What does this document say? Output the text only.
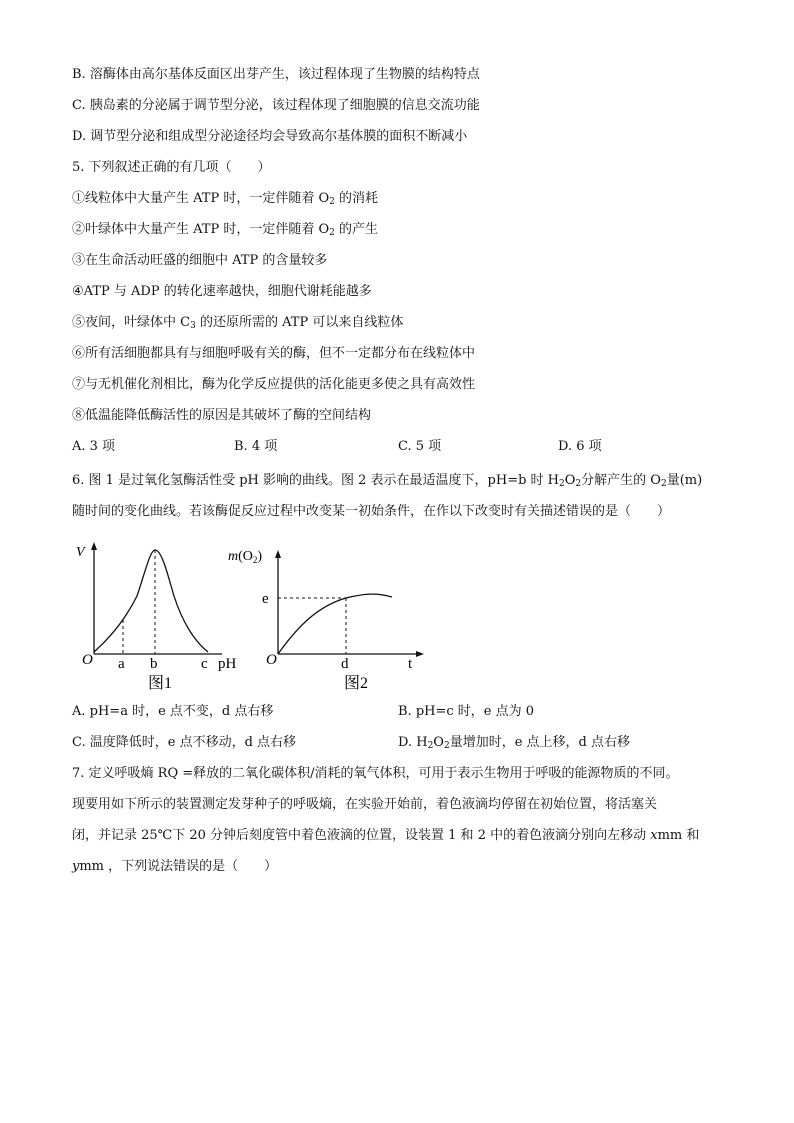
B. 溶酶体由高尔基体反面区出芽产生，该过程体现了生物膜的结构特点
C. 胰岛素的分泌属于调节型分泌，该过程体现了细胞膜的信息交流功能
D. 调节型分泌和组成型分泌途径均会导致高尔基体膜的面积不断减小
5. 下列叙述正确的有几项（　　）
①线粒体中大量产生 ATP 时，一定伴随着 $O_2$ 的消耗
②叶绿体中大量产生 ATP 时，一定伴随着 $O_2$ 的产生
③在生命活动旺盛的细胞中 ATP 的含量较多
④ATP 与 ADP 的转化速率越快，细胞代谢耗能越多
⑤夜间，叶绿体中 $C_3$ 的还原所需的 ATP 可以来自线粒体
⑥所有活细胞都具有与细胞呼吸有关的酶，但不一定都分布在线粒体中
⑦与无机催化剂相比，酶为化学反应提供的活化能更多使之具有高效性
⑧低温能降低酶活性的原因是其破坏了酶的空间结构
A. 3 项	B. 4 项	C. 5 项	D. 6 项
6. 图 1 是过氧化氢酶活性受 pH 影响的曲线。图 2 表示在最适温度下，pH=b 时 $H_2O_2$分解产生的 $O_2$量(m)
随时间的变化曲线。若该酶促反应过程中改变某一初始条件，在作以下改变时有关描述错误的是（　　）
V
O a b	c pH
图1
$m(O_2)$
e
O	d	t
图2
A. pH=a 时，e 点不变，d 点右移	B. pH=c 时，e 点为 0
C. 温度降低时，e 点不移动，d 点右移	D. $H_2O_2$量增加时，e 点上移，d 点右移
7. 定义呼吸熵 RQ =释放的二氧化碳体积/消耗的氧气体积，可用于表示生物用于呼吸的能源物质的不同。
现要用如下所示的装置测定发芽种子的呼吸熵，在实验开始前，着色液滴均停留在初始位置，将活塞关
闭，并记录 25℃下 20 分钟后刻度管中着色液滴的位置，设装置 1 和 2 中的着色液滴分别向左移动 xmm 和
ymm ，下列说法错误的是（　　）
